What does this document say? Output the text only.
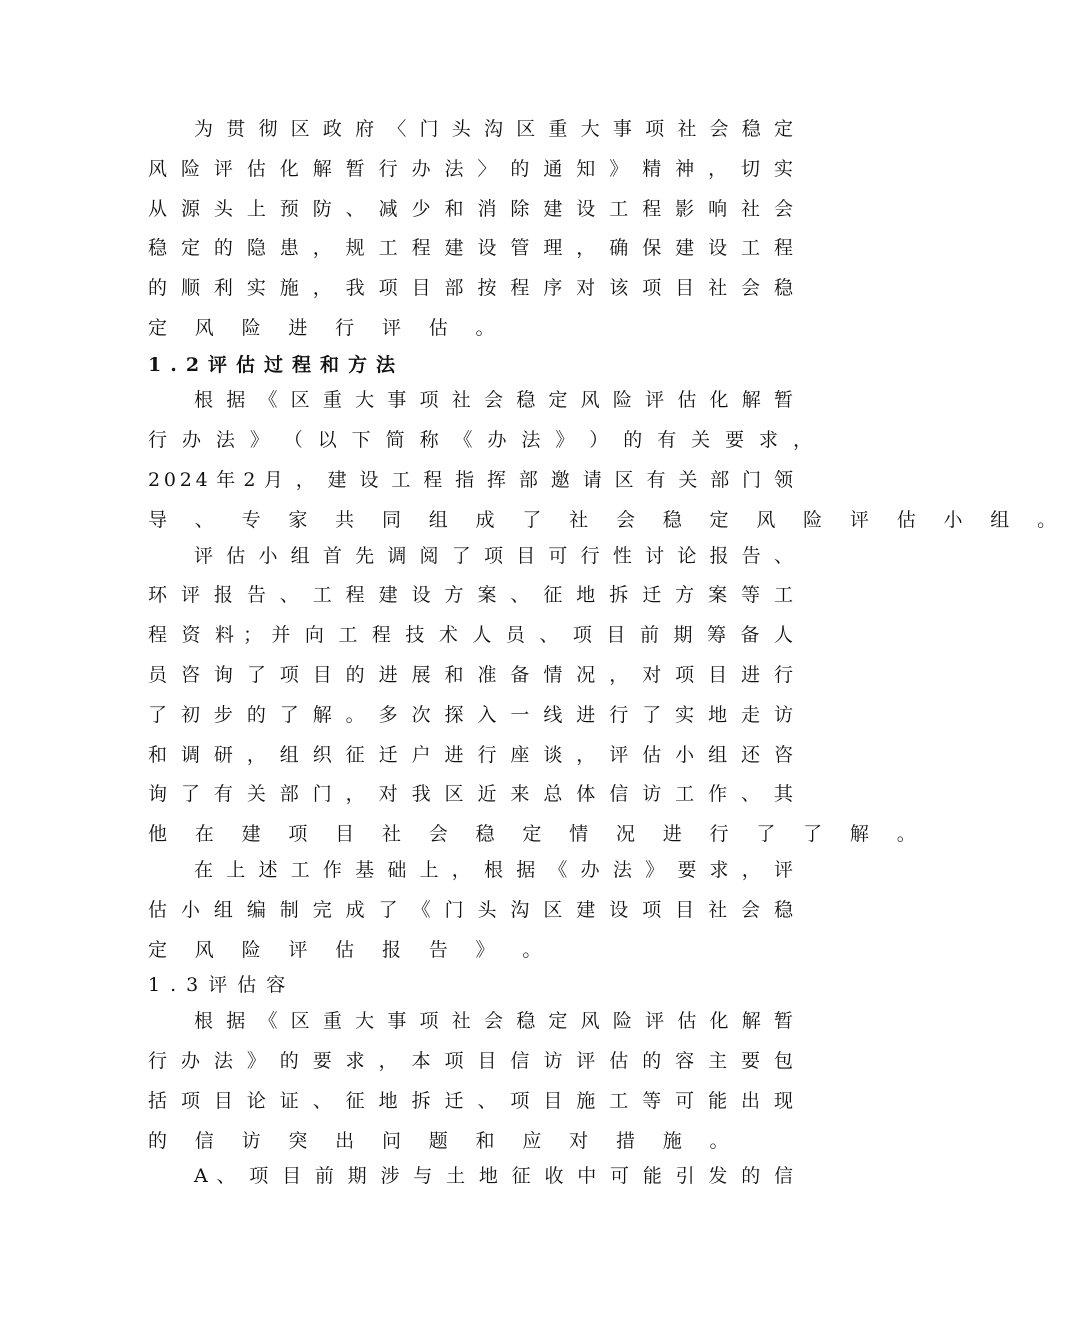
为 贯 彻 区 政 府 〈 门 头 沟 区 重 大 事 项 社 会 稳 定
风 险 评 估 化 解 暂 行 办 法 〉 的 通 知 》 精 神 ， 切 实
从 源 头 上 预 防 、 减 少 和 消 除 建 设 工 程 影 响 社 会
稳 定 的 隐 患 ， 规 工 程 建 设 管 理 ， 确 保 建 设 工 程
的 顺 利 实 施 ， 我 项 目 部 按 程 序 对 该 项 目 社 会 稳
定 风 险 进 行 评 估 。
1.2评估过程和方法
根 据 《 区 重 大 事 项 社 会 稳 定 风 险 评 估 化 解 暂
行 办 法 》 （ 以 下 简 称 《 办 法 》 ） 的 有 关 要 求 ，
2 0 2 4 年 2 月 ， 建 设 工 程 指 挥 部 邀 请 区 有 关 部 门 领
导 、 专 家 共 同 组 成 了 社 会 稳 定 风 险 评 估 小 组 。
评 估 小 组 首 先 调 阅 了 项 目 可 行 性 讨 论 报 告 、
环 评 报 告 、 工 程 建 设 方 案 、 征 地 拆 迁 方 案 等 工
程 资 料 ； 并 向 工 程 技 术 人 员 、 项 目 前 期 筹 备 人
员 咨 询 了 项 目 的 进 展 和 准 备 情 况 ， 对 项 目 进 行
了 初 步 的 了 解 。 多 次 探 入 一 线 进 行 了 实 地 走 访
和 调 研 ， 组 织 征 迁 户 进 行 座 谈 ， 评 估 小 组 还 咨
询 了 有 关 部 门 ， 对 我 区 近 来 总 体 信 访 工 作 、 其
他 在 建 项 目 社 会 稳 定 情 况 进 行 了 了 解 。
在 上 述 工 作 基 础 上 ， 根 据 《 办 法 》 要 求 ， 评
估 小 组 编 制 完 成 了 《 门 头 沟 区 建 设 项 目 社 会 稳
定 风 险 评 估 报 告 》 。
1.3评估容
根 据 《 区 重 大 事 项 社 会 稳 定 风 险 评 估 化 解 暂
行 办 法 》 的 要 求 ， 本 项 目 信 访 评 估 的 容 主 要 包
括 项 目 论 证 、 征 地 拆 迁 、 项 目 施 工 等 可 能 出 现
的 信 访 突 出 问 题 和 应 对 措 施 。
A 、 项 目 前 期 涉 与 土 地 征 收 中 可 能 引 发 的 信
